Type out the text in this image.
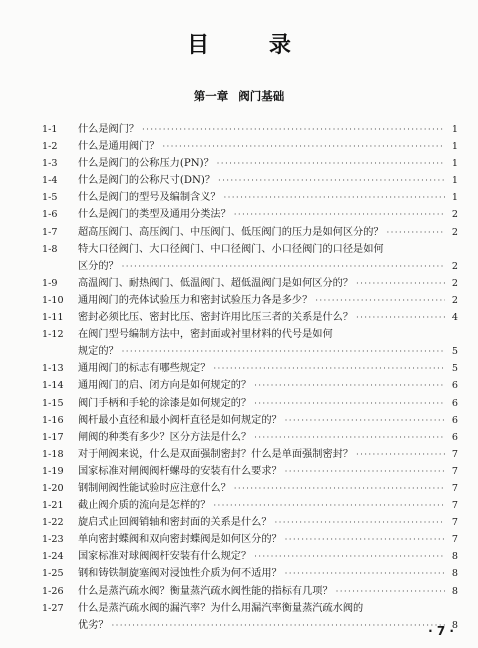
目 录
第一章 阀门基础
1-1	什么是阀门？ ·····	1
1-2	什么是通用阀门？ ·····	1
1-3	什么是阀门的公称压力(PN)？ ·····	1
1-4	什么是阀门的公称尺寸(DN)？ ·····	1
1-5	什么是阀门的型号及编制含义？ ·····	1
1-6	什么是阀门的类型及通用分类法？ ·····	2
1-7	超高压阀门、高压阀门、中压阀门、低压阀门的压力是如何区分的？ ·····	2
1-8	特大口径阀门、大口径阀门、中口径阀门、小口径阀门的口径是如何
区分的？ ·····	2
1-9	高温阀门、耐热阀门、低温阀门、超低温阀门是如何区分的？ ·····	2
1-10	通用阀门的壳体试验压力和密封试验压力各是多少？ ·····	2
1-11	密封必须比压、密封比压、密封许用比压三者的关系是什么？ ·····	4
1-12	在阀门型号编制方法中，密封面或衬里材料的代号是如何
规定的？ ·····	5
1-13	通用阀门的标志有哪些规定？ ·····	5
1-14	通用阀门的启、闭方向是如何规定的？ ·····	6
1-15	阀门手柄和手轮的涂漆是如何规定的？ ·····	6
1-16	阀杆最小直径和最小阀杆直径是如何规定的？ ·····	6
1-17	闸阀的种类有多少？区分方法是什么？ ·····	6
1-18	对于闸阀来说，什么是双面强制密封？什么是单面强制密封？ ·····	7
1-19	国家标准对闸阀阀杆螺母的安装有什么要求？ ·····	7
1-20	钢制闸阀性能试验时应注意什么？ ·····	7
1-21	截止阀介质的流向是怎样的？ ·····	7
1-22	旋启式止回阀销轴和密封面的关系是什么？ ·····	7
1-23	单向密封蝶阀和双向密封蝶阀是如何区分的？ ·····	7
1-24	国家标准对球阀阀杆安装有什么规定？ ·····	8
1-25	钢和铸铁制旋塞阀对浸蚀性介质为何不适用？ ·····	8
1-26	什么是蒸汽疏水阀？衡量蒸汽疏水阀性能的指标有几项？ ·····	8
1-27	什么是蒸汽疏水阀的漏汽率？为什么用漏汽率衡量蒸汽疏水阀的
优劣？ ·····	8
· 7 ·
